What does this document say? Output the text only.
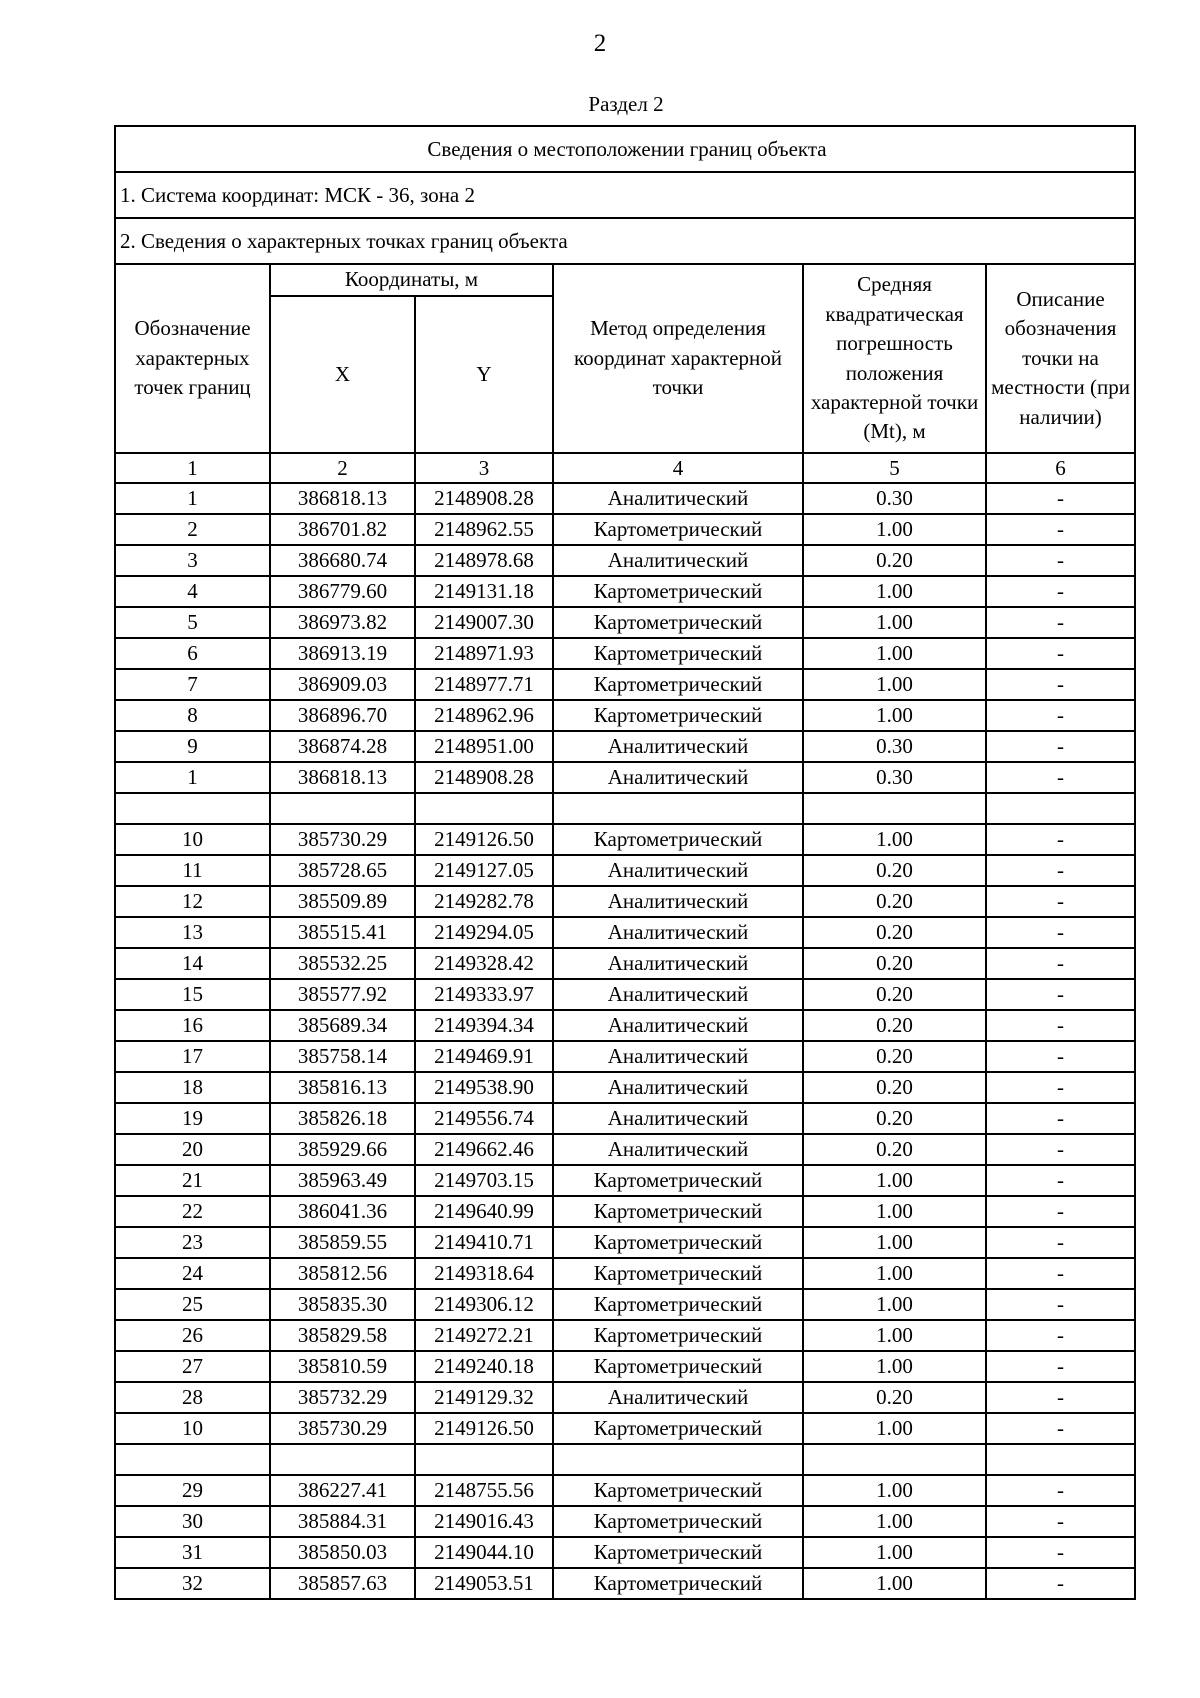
2
Раздел 2
Сведения о местоположении границ объекта					
1. Система координат: МСК - 36, зона 2					
2. Сведения о характерных точках границ объекта					
Обозначение характерных точек границ	Координаты, м		Метод определения координат характерной точки	Средняя квадратическая погрешность положения характерной точки (Mt), м	Описание обозначения точки на местности (при наличии)
	X	Y			
1	2	3	4	5	6
1	386818.13	2148908.28	Аналитический	0.30	-
2	386701.82	2148962.55	Картометрический	1.00	-
3	386680.74	2148978.68	Аналитический	0.20	-
4	386779.60	2149131.18	Картометрический	1.00	-
5	386973.82	2149007.30	Картометрический	1.00	-
6	386913.19	2148971.93	Картометрический	1.00	-
7	386909.03	2148977.71	Картометрический	1.00	-
8	386896.70	2148962.96	Картометрический	1.00	-
9	386874.28	2148951.00	Аналитический	0.30	-
1	386818.13	2148908.28	Аналитический	0.30	-

10	385730.29	2149126.50	Картометрический	1.00	-
11	385728.65	2149127.05	Аналитический	0.20	-
12	385509.89	2149282.78	Аналитический	0.20	-
13	385515.41	2149294.05	Аналитический	0.20	-
14	385532.25	2149328.42	Аналитический	0.20	-
15	385577.92	2149333.97	Аналитический	0.20	-
16	385689.34	2149394.34	Аналитический	0.20	-
17	385758.14	2149469.91	Аналитический	0.20	-
18	385816.13	2149538.90	Аналитический	0.20	-
19	385826.18	2149556.74	Аналитический	0.20	-
20	385929.66	2149662.46	Аналитический	0.20	-
21	385963.49	2149703.15	Картометрический	1.00	-
22	386041.36	2149640.99	Картометрический	1.00	-
23	385859.55	2149410.71	Картометрический	1.00	-
24	385812.56	2149318.64	Картометрический	1.00	-
25	385835.30	2149306.12	Картометрический	1.00	-
26	385829.58	2149272.21	Картометрический	1.00	-
27	385810.59	2149240.18	Картометрический	1.00	-
28	385732.29	2149129.32	Аналитический	0.20	-
10	385730.29	2149126.50	Картометрический	1.00	-

29	386227.41	2148755.56	Картометрический	1.00	-
30	385884.31	2149016.43	Картометрический	1.00	-
31	385850.03	2149044.10	Картометрический	1.00	-
32	385857.63	2149053.51	Картометрический	1.00	-
